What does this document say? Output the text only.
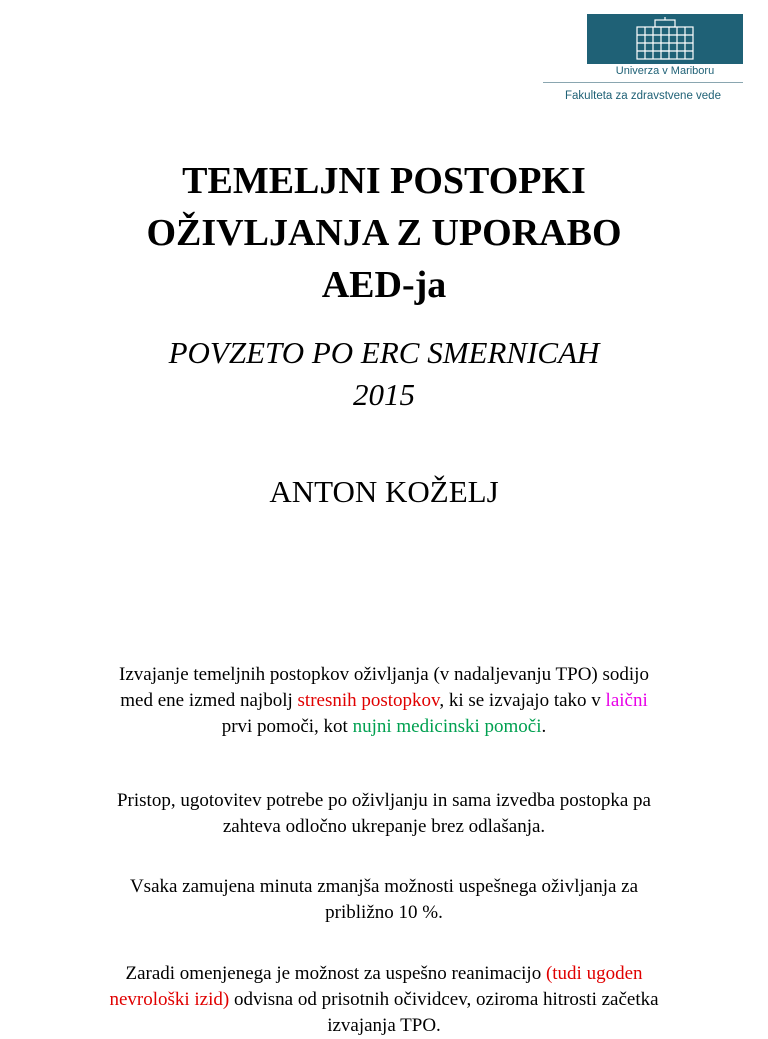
Univerza v Mariboru
Fakulteta za zdravstvene vede
TEMELJNI POSTOPKI
OŽIVLJANJA Z UPORABO
AED-ja
POVZETO PO ERC SMERNICAH
2015
ANTON KOŽELJ
Izvajanje temeljnih postopkov oživljanja (v nadaljevanju TPO) sodijo
med ene izmed najbolj stresnih postopkov, ki se izvajajo tako v laični
prvi pomoči, kot nujni medicinski pomoči.
Pristop, ugotovitev potrebe po oživljanju in sama izvedba postopka pa
zahteva odločno ukrepanje brez odlašanja.
Vsaka zamujena minuta zmanjša možnosti uspešnega oživljanja za
približno 10 %.
Zaradi omenjenega je možnost za uspešno reanimacijo (tudi ugoden
nevrološki izid) odvisna od prisotnih očividcev, oziroma hitrosti začetka
izvajanja TPO.
